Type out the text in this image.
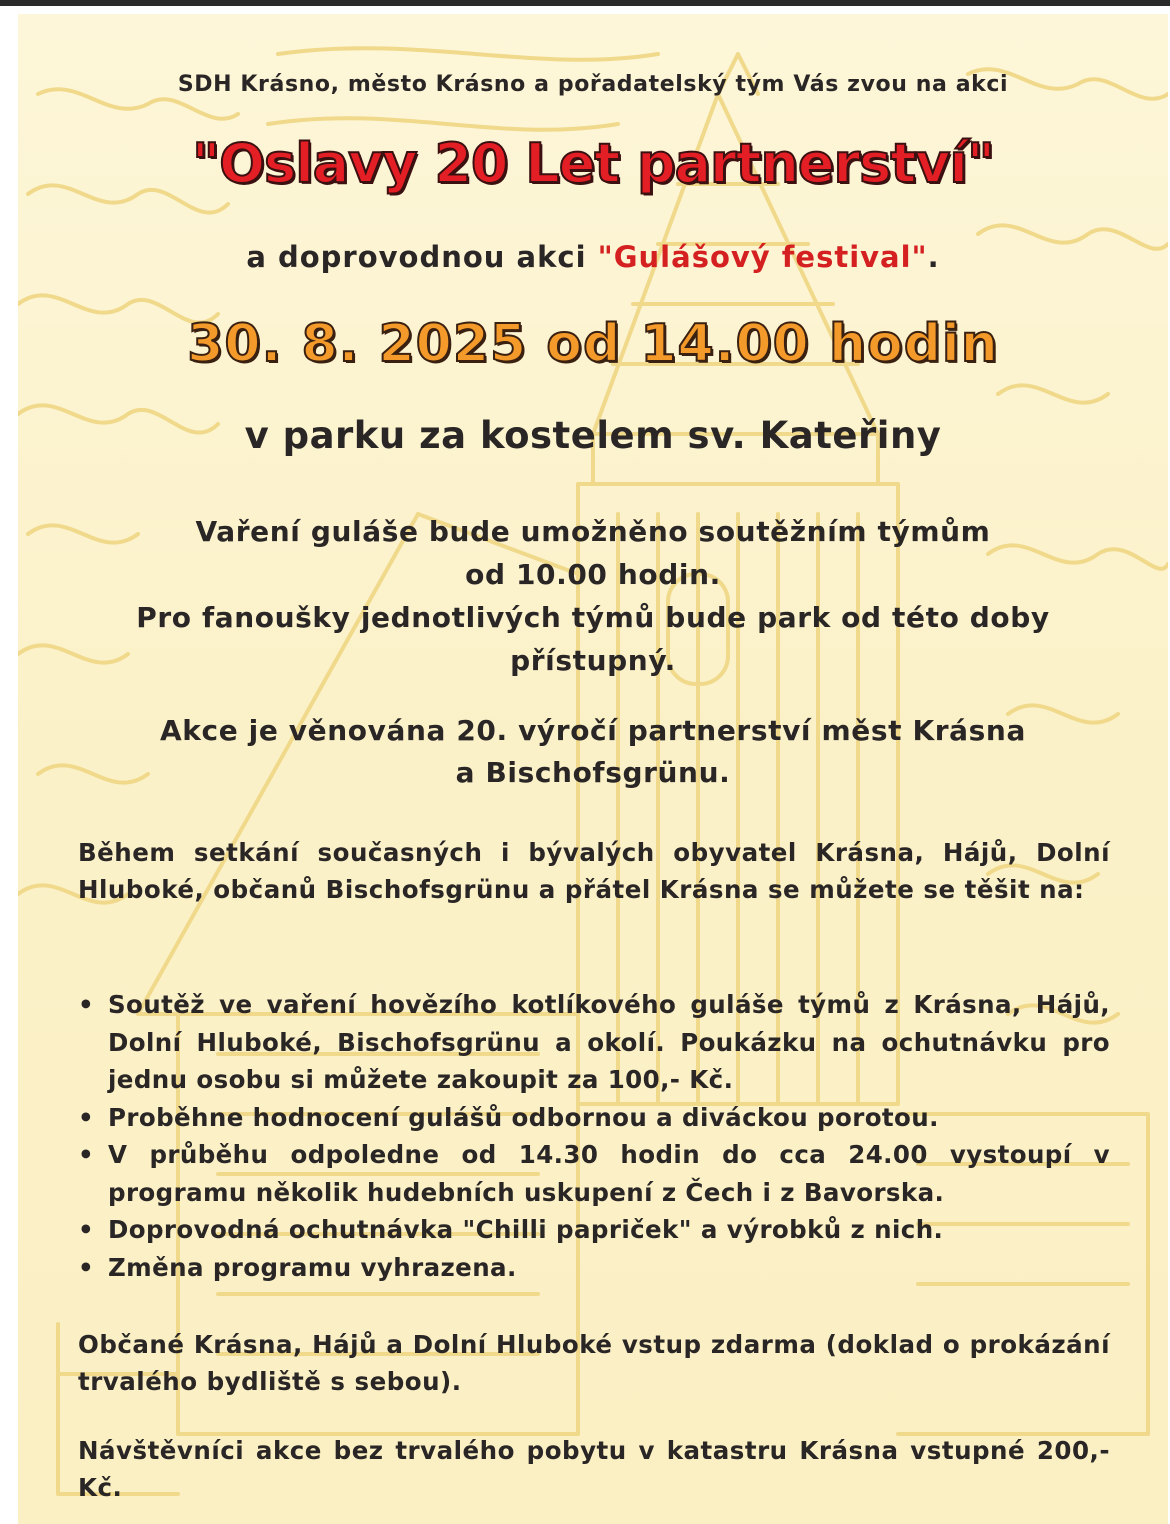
SDH Krásno, město Krásno a pořadatelský tým Vás zvou na akci
"Oslavy 20 Let partnerství"
a doprovodnou akci "Gulášový festival".
30. 8. 2025 od 14.00 hodin
v parku za kostelem sv. Kateřiny
Vaření guláše bude umožněno soutěžním týmům
od 10.00 hodin.
Pro fanoušky jednotlivých týmů bude park od této doby
přístupný.
Akce je věnována 20. výročí partnerství měst Krásna
a Bischofsgrünu.
Během setkání současných i bývalých obyvatel Krásna, Hájů, Dolní Hluboké, občanů Bischofsgrünu a přátel Krásna se můžete se těšit na:
• Soutěž ve vaření hovězího kotlíkového guláše týmů z Krásna, Hájů, Dolní Hluboké, Bischofsgrünu a okolí. Poukázku na ochutnávku pro jednu osobu si můžete zakoupit za 100,- Kč.
• Proběhne hodnocení gulášů odbornou a diváckou porotou.
• V průběhu odpoledne od 14.30 hodin do cca 24.00 vystoupí v programu několik hudebních uskupení z Čech i z Bavorska.
• Doprovodná ochutnávka "Chilli papriček" a výrobků z nich.
• Změna programu vyhrazena.
Občané Krásna, Hájů a Dolní Hluboké vstup zdarma (doklad o prokázání trvalého bydliště s sebou).
Návštěvníci akce bez trvalého pobytu v katastru Krásna vstupné 200,- Kč.
